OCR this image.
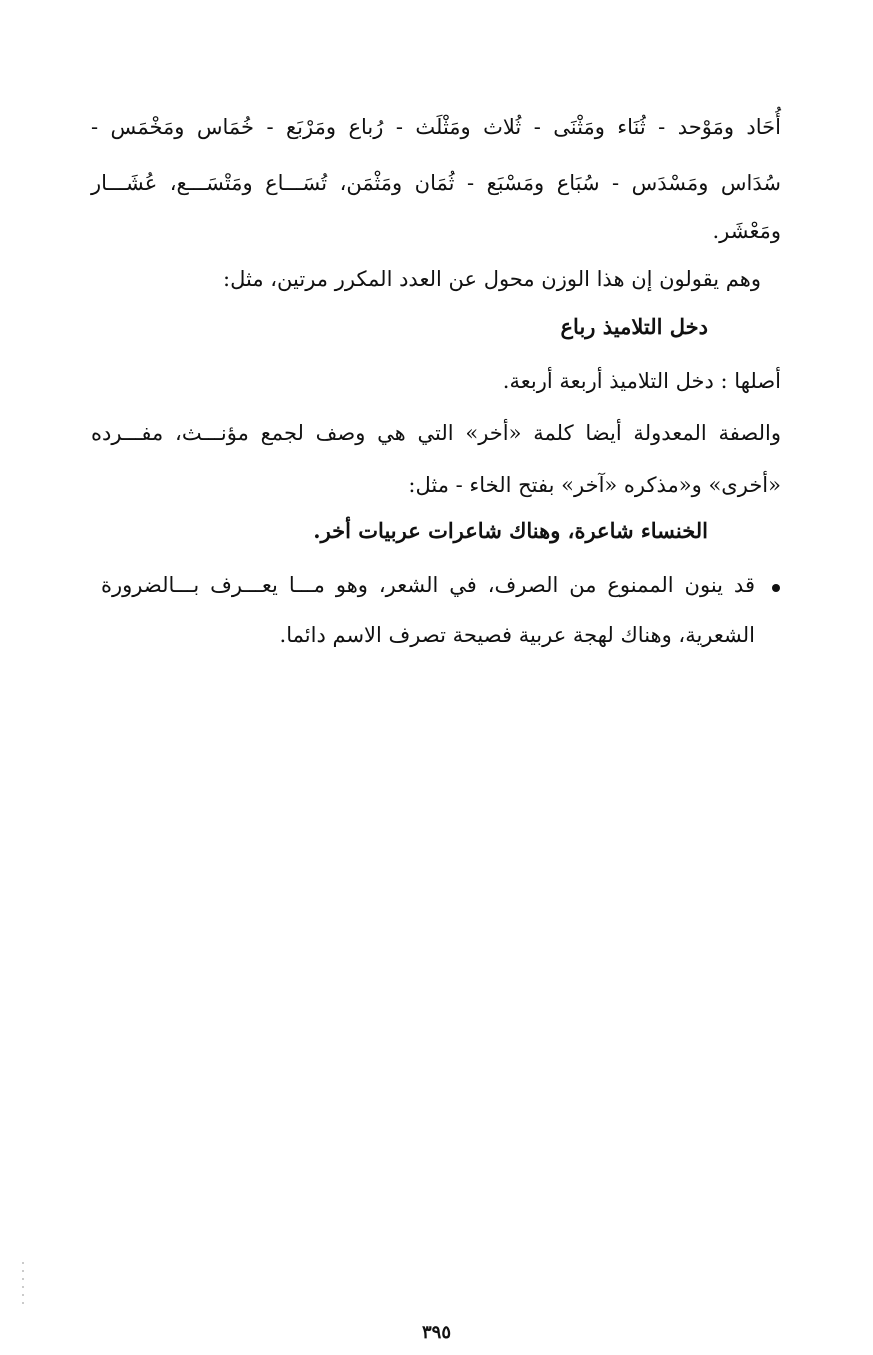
أُحَاد ومَوْحد - ثُنَاء ومَثْنَى - ثُلاث ومَثْلَث - رُباع ومَرْبَع - خُمَاس ومَخْمَس -
سُدَاس ومَسْدَس - سُبَاع ومَسْبَع - ثُمَان ومَثْمَن، تُسَـــاع ومَتْسَـــع، عُشَـــار
ومَعْشَر.
وهم يقولون إن هذا الوزن محول عن العدد المكرر مرتين، مثل:
دخل التلاميذ رباع
أصلها : دخل التلاميذ أربعة أربعة.
والصفة المعدولة أيضا كلمة «أخر» التي هي وصف لجمع مؤنـــث، مفـــرده
«أخرى» و«مذكره «آخر» بفتح الخاء - مثل:
الخنساء شاعرة، وهناك شاعرات عربيات أخر.
قد ينون الممنوع من الصرف، في الشعر، وهو مـــا يعـــرف بـــالضرورة
الشعرية، وهناك لهجة عربية فصيحة تصرف الاسم دائما.
٣٩٥
